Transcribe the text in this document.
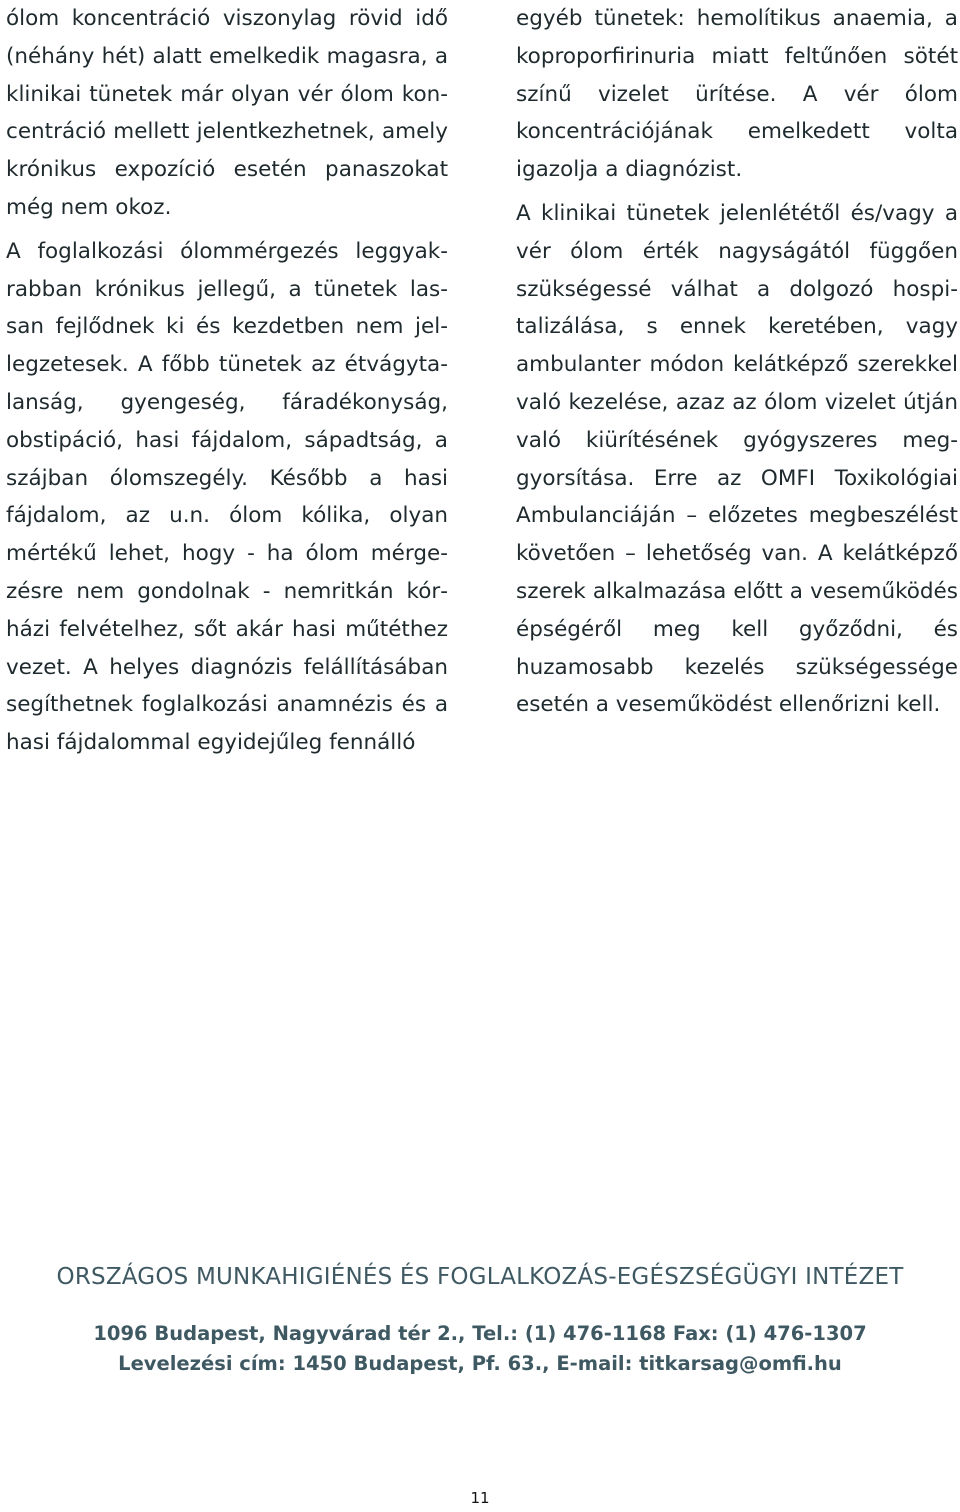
ólom koncentráció viszonylag rövid idő (néhány hét) alatt emelkedik magasra, a klinikai tünetek már olyan vér ólom koncentráció mellett jelentkezhetnek, amely krónikus expozíció esetén panaszokat még nem okoz.

A foglalkozási ólommérgezés leggyakrabban krónikus jellegű, a tünetek lassan fejlődnek ki és kezdetben nem jellegzetesek. A főbb tünetek az étvágytalanság, gyengeség, fáradékonyság, obstipáció, hasi fájdalom, sápadtság, a szájban ólomszegély. Később a hasi fájdalom, az u.n. ólom kólika, olyan mértékű lehet, hogy - ha ólom mérgezésre nem gondolnak - nemritkán kórházi felvételhez, sőt akár hasi műtéthez vezet. A helyes diagnózis felállításában segíthetnek foglalkozási anamnézis és a hasi fájdalommal egyidejűleg fennálló

egyéb tünetek: hemolítikus anaemia, a koproporfirinuria miatt feltűnően sötét színű vizelet ürítése. A vér ólom koncentrációjának emelkedett volta igazolja a diagnózist.

A klinikai tünetek jelenlététől és/vagy a vér ólom érték nagyságától függően szükségessé válhat a dolgozó hospitalizálása, s ennek keretében, vagy ambulanter módon kelátképző szerekkel való kezelése, azaz az ólom vizelet útján való kiürítésének gyógyszeres meggyorsítása. Erre az OMFI Toxikológiai Ambulanciáján – előzetes megbeszélést követően – lehetőség van. A kelátképző szerek alkalmazása előtt a veseműködés épségéről meg kell győződni, és huzamosabb kezelés szükségessége esetén a veseműködést ellenőrizni kell.

ORSZÁGOS MUNKAHIGIÉNÉS ÉS FOGLALKOZÁS-EGÉSZSÉGÜGYI INTÉZET
1096 Budapest, Nagyvárad tér 2., Tel.: (1) 476-1168 Fax: (1) 476-1307
Levelezési cím: 1450 Budapest, Pf. 63., E-mail: titkarsag@omfi.hu
11
